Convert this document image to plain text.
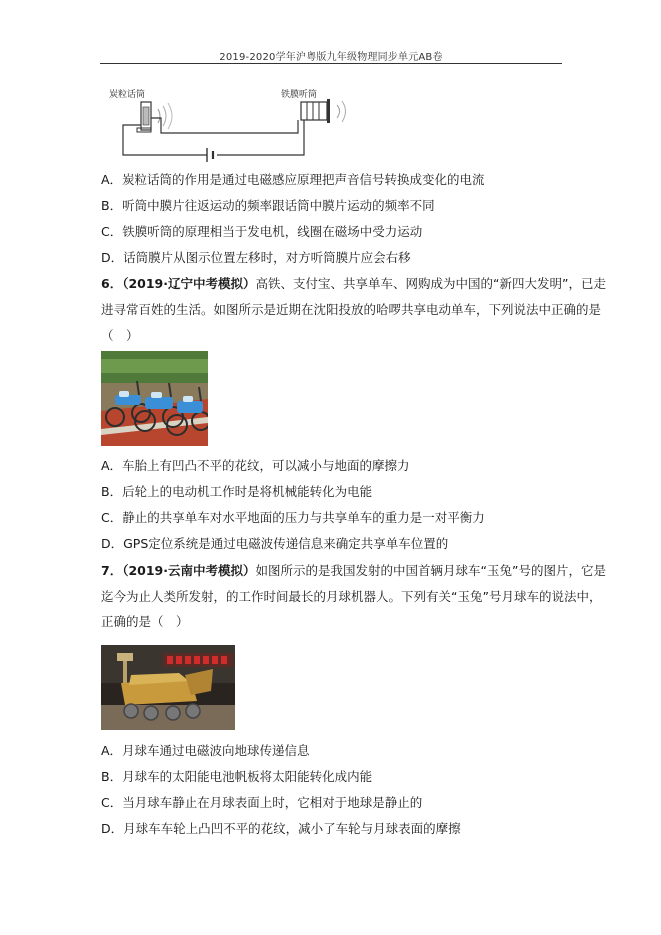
2019-2020学年沪粤版九年级物理同步单元AB卷
炭粒话筒	铁膜听筒
A．炭粒话筒的作用是通过电磁感应原理把声音信号转换成变化的电流
B．听筒中膜片往返运动的频率跟话筒中膜片运动的频率不同
C．铁膜听筒的原理相当于发电机，线圈在磁场中受力运动
D．话筒膜片从图示位置左移时，对方听筒膜片应会右移
6．（2019·辽宁中考模拟）高铁、支付宝、共享单车、网购成为中国的“新四大发明”，已走
进寻常百姓的生活。如图所示是近期在沈阳投放的哈啰共享电动单车，下列说法中正确的是
（　）
A．车胎上有凹凸不平的花纹，可以减小与地面的摩擦力
B．后轮上的电动机工作时是将机械能转化为电能
C．静止的共享单车对水平地面的压力与共享单车的重力是一对平衡力
D．GPS定位系统是通过电磁波传递信息来确定共享单车位置的
7．（2019·云南中考模拟）如图所示的是我国发射的中国首辆月球车“玉兔”号的图片，它是
迄今为止人类所发射，的工作时间最长的月球机器人。下列有关“玉兔”号月球车的说法中，
正确的是（　）
A．月球车通过电磁波向地球传递信息
B．月球车的太阳能电池帆板将太阳能转化成内能
C．当月球车静止在月球表面上时，它相对于地球是静止的
D．月球车车轮上凸凹不平的花纹，减小了车轮与月球表面的摩擦
